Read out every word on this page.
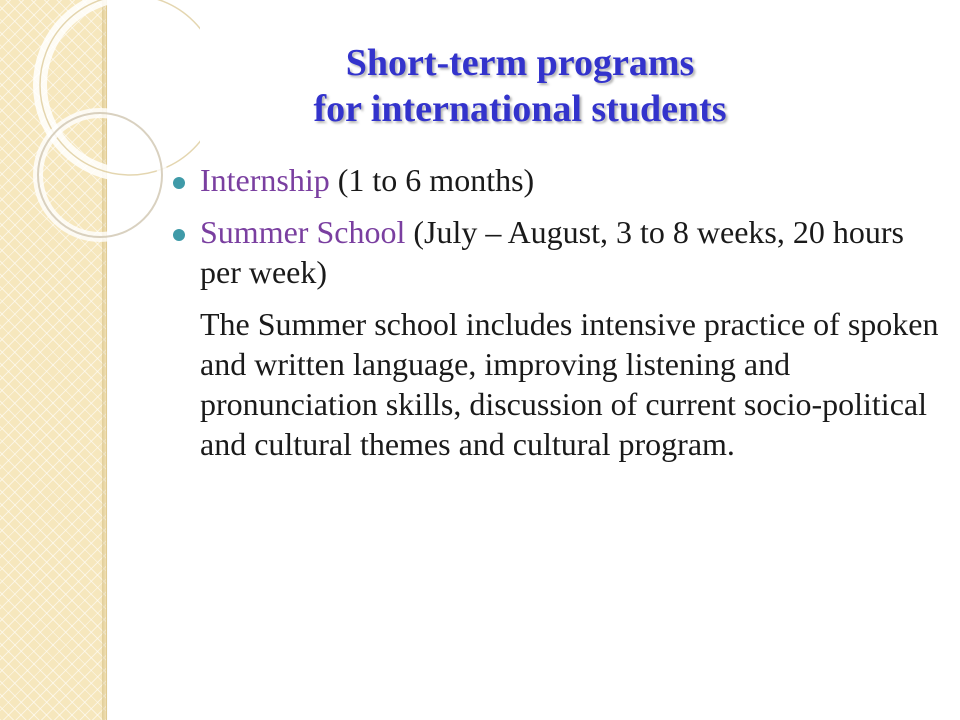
Short-term programs
for international students
Internship (1 to 6 months)
Summer School (July – August, 3 to 8 weeks, 20 hours per week)
The Summer school includes intensive practice of spoken and written language, improving listening and pronunciation skills, discussion of current socio-political and cultural themes and cultural program.
